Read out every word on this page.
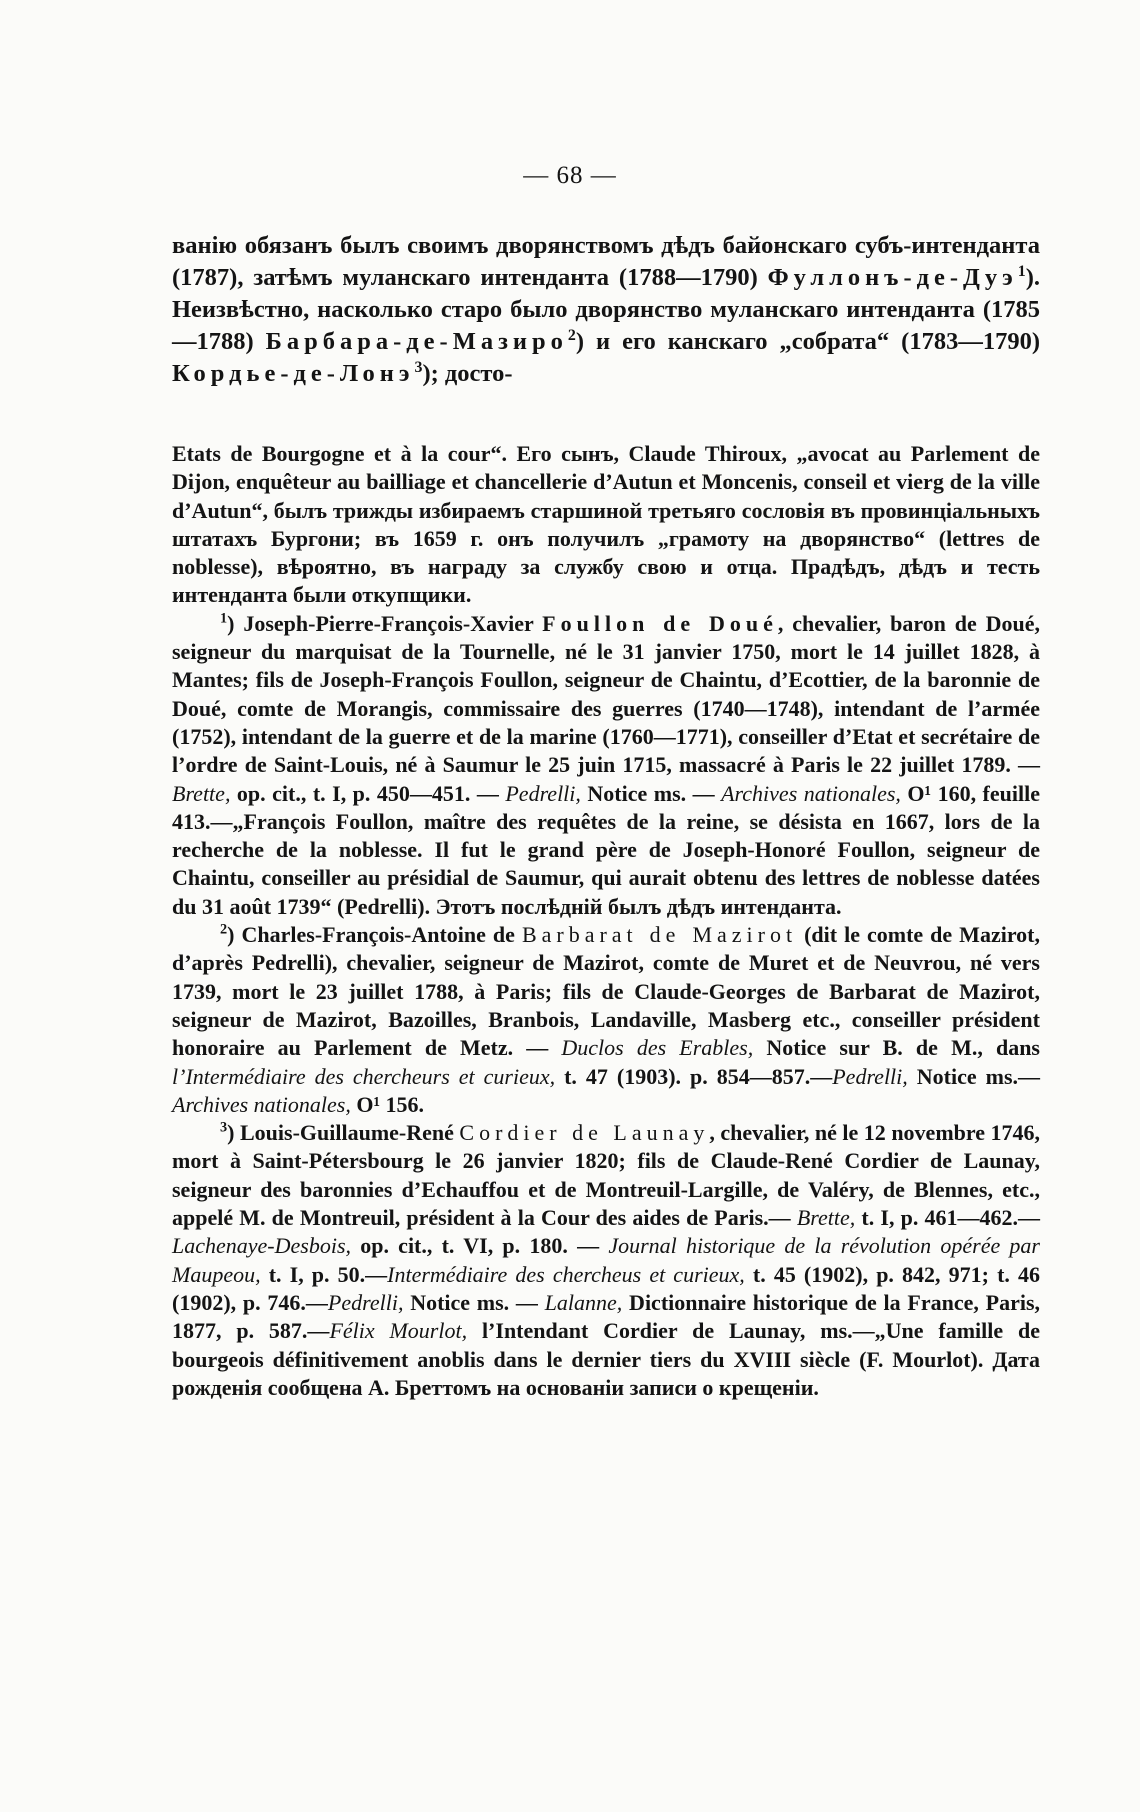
— 68 —

ванію обязанъ былъ своимъ дворянствомъ дѣдъ байонскаго субъ-интенданта (1787), затѣмъ муланскаго интенданта (1788—1790) Фуллонъ-де-Дуэ$^1$). Неизвѣстно, насколько старо было дворянство муланскаго интенданта (1785—1788) Барбара-де-Мазиро$^2$) и его канскаго „собрата“ (1783—1790) Кордье-де-Лонэ$^3$); досто-

Etats de Bourgogne et à la cour“. Его сынъ, Claude Thiroux, „avocat au Parlement de Dijon, enquêteur au bailliage et chancellerie d’Autun et Moncenis, conseil et vierg de la ville d’Autun“, былъ трижды избираемъ старшиной третьяго сословія въ провинціальныхъ штатахъ Бургони; въ 1659 г. онъ получилъ „грамоту на дворянство“ (lettres de noblesse), вѣроятно, въ награду за службу свою и отца. Прадѣдъ, дѣдъ и тесть интенданта были откупщики.

$^1$) Joseph-Pierre-François-Xavier Foullon de Doué, chevalier, baron de Doué, seigneur du marquisat de la Tournelle, né le 31 janvier 1750, mort le 14 juillet 1828, à Mantes; fils de Joseph-François Foullon, seigneur de Chaintu, d’Ecottier, de la baronnie de Doué, comte de Morangis, commissaire des guerres (1740—1748), intendant de l’armée (1752), intendant de la guerre et de la marine (1760—1771), conseiller d’Etat et secrétaire de l’ordre de Saint-Louis, né à Saumur le 25 juin 1715, massacré à Paris le 22 juillet 1789. — Brette, op. cit., t. I, p. 450—451. — Pedrelli, Notice ms. — Archives nationales, O¹ 160, feuille 413.—„François Foullon, maître des requêtes de la reine, se désista en 1667, lors de la recherche de la noblesse. Il fut le grand père de Joseph-Honoré Foullon, seigneur de Chaintu, conseiller au présidial de Saumur, qui aurait obtenu des lettres de noblesse datées du 31 août 1739“ (Pedrelli). Этотъ послѣдній былъ дѣдъ интенданта.

$^2$) Charles-François-Antoine de Barbarat de Mazirot (dit le comte de Mazirot, d’après Pedrelli), chevalier, seigneur de Mazirot, comte de Muret et de Neuvrou, né vers 1739, mort le 23 juillet 1788, à Paris; fils de Claude-Georges de Barbarat de Mazirot, seigneur de Mazirot, Bazoilles, Branbois, Landaville, Masberg etc., conseiller président honoraire au Parlement de Metz. — Duclos des Erables, Notice sur B. de M., dans l’Intermédiaire des chercheurs et curieux, t. 47 (1903). p. 854—857.—Pedrelli, Notice ms.—Archives nationales, O¹ 156.

$^3$) Louis-Guillaume-René Cordier de Launay, chevalier, né le 12 novembre 1746, mort à Saint-Pétersbourg le 26 janvier 1820; fils de Claude-René Cordier de Launay, seigneur des baronnies d’Echauffou et de Montreuil-Largille, de Valéry, de Blennes, etc., appelé M. de Montreuil, président à la Cour des aides de Paris.— Brette, t. I, p. 461—462.—Lachenaye-Desbois, op. cit., t. VI, p. 180. — Journal historique de la révolution opérée par Maupeou, t. I, p. 50.—Intermédiaire des chercheus et curieux, t. 45 (1902), p. 842, 971; t. 46 (1902), p. 746.—Pedrelli, Notice ms. — Lalanne, Dictionnaire historique de la France, Paris, 1877, p. 587.—Félix Mourlot, l’Intendant Cordier de Launay, ms.—„Une famille de bourgeois définitivement anoblis dans le dernier tiers du XVIII siècle (F. Mourlot). Дата рожденія сообщена А. Бреттомъ на основаніи записи о крещеніи.
